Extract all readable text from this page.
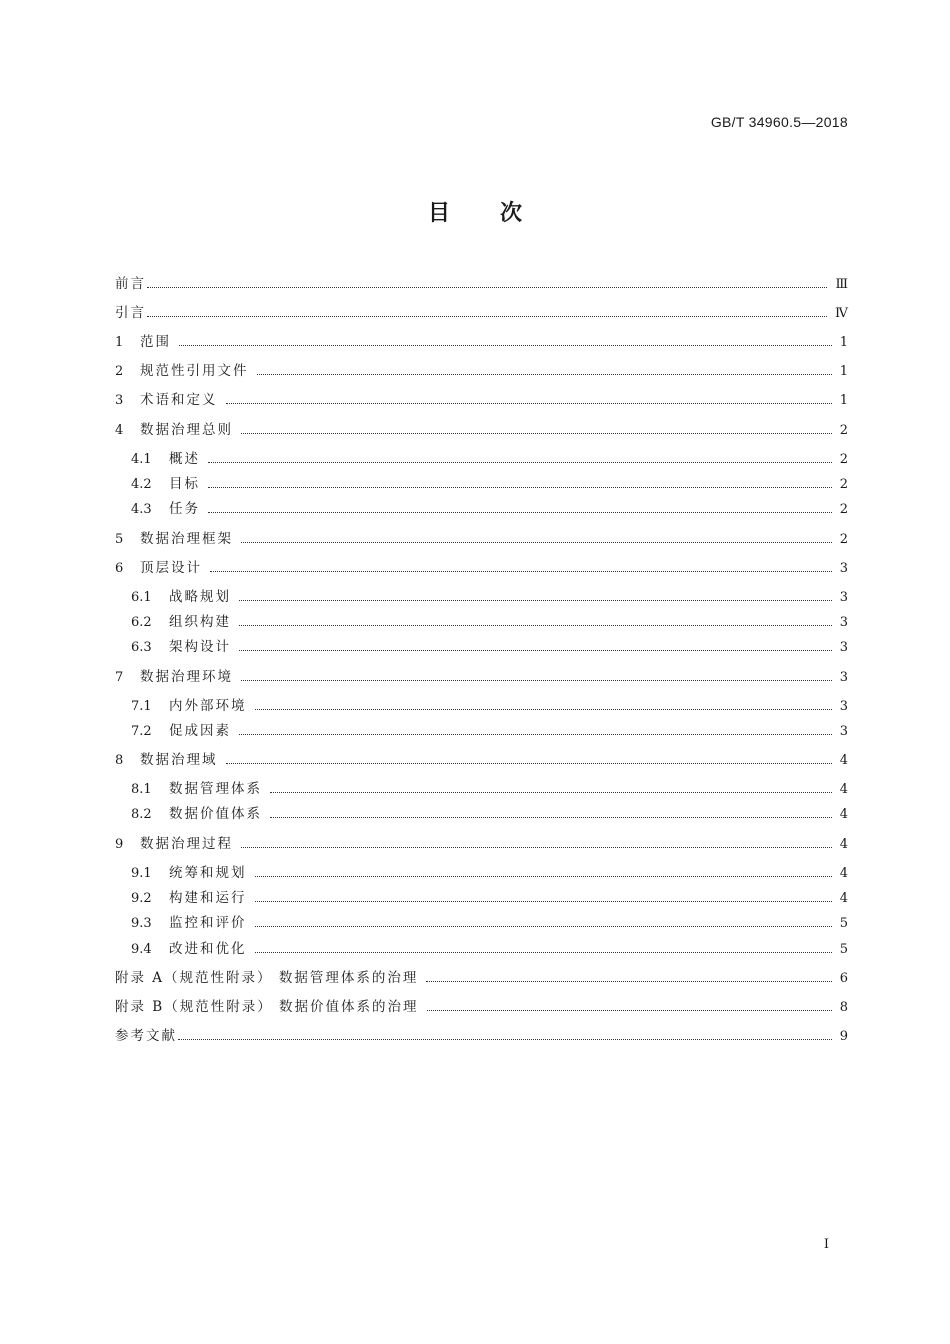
GB/T 34960.5—2018
目次
前言	Ⅲ
引言	Ⅳ
1	范围	1
2	规范性引用文件	1
3	术语和定义	1
4	数据治理总则	2
4.1	概述	2
4.2	目标	2
4.3	任务	2
5	数据治理框架	2
6	顶层设计	3
6.1	战略规划	3
6.2	组织构建	3
6.3	架构设计	3
7	数据治理环境	3
7.1	内外部环境	3
7.2	促成因素	3
8	数据治理域	4
8.1	数据管理体系	4
8.2	数据价值体系	4
9	数据治理过程	4
9.1	统筹和规划	4
9.2	构建和运行	4
9.3	监控和评价	5
9.4	改进和优化	5
附录 A（规范性附录） 数据管理体系的治理	6
附录 B（规范性附录） 数据价值体系的治理	8
参考文献	9
I
